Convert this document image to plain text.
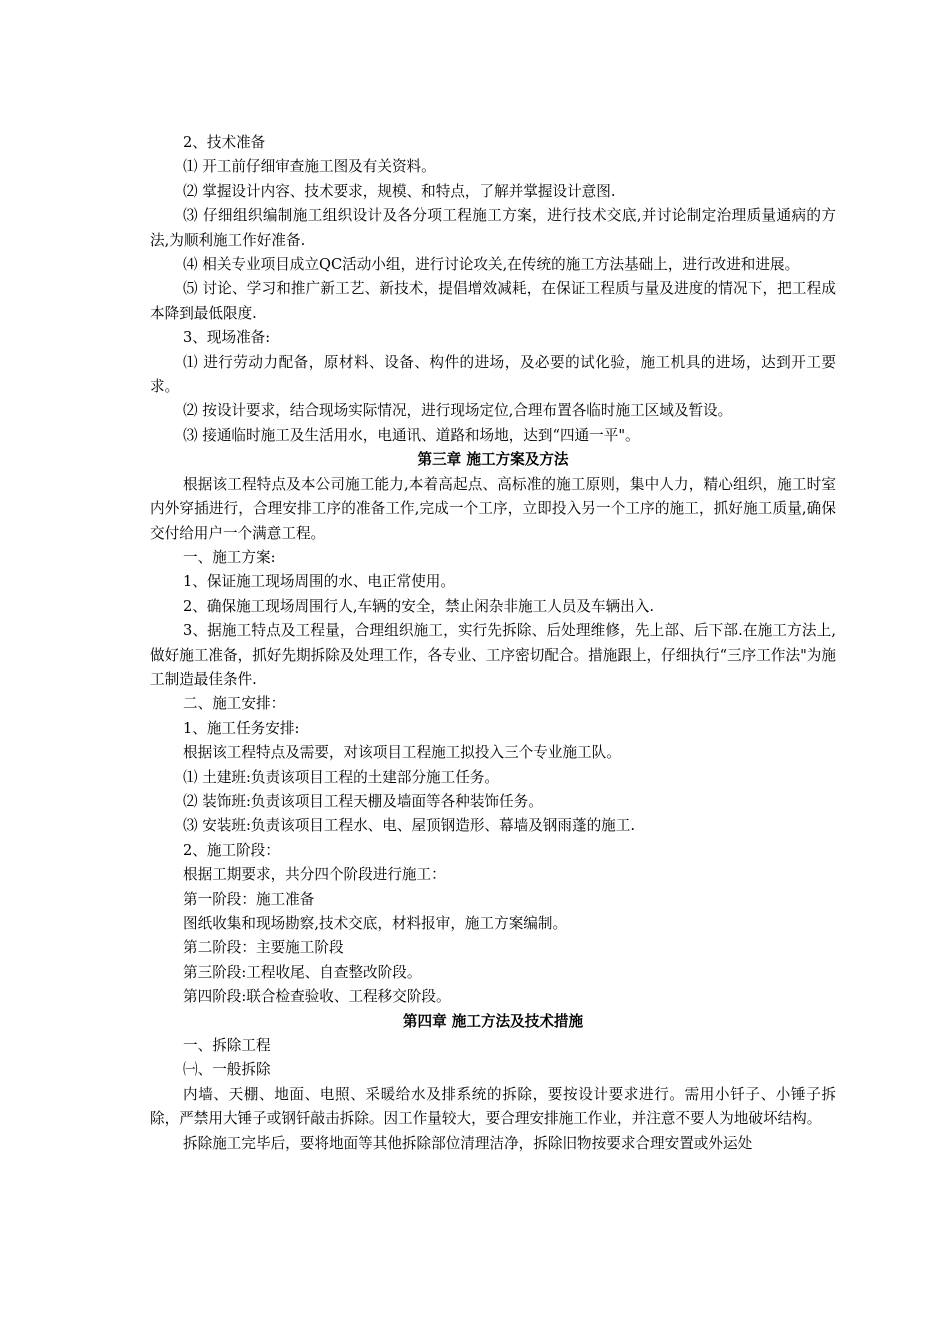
2、技术准备

⑴ 开工前仔细审查施工图及有关资料。

⑵ 掌握设计内容、技术要求，规模、和特点，了解并掌握设计意图.

⑶ 仔细组织编制施工组织设计及各分项工程施工方案，进行技术交底,并讨论制定治理质量通病的方法,为顺利施工作好准备.

⑷ 相关专业项目成立QC活动小组，进行讨论攻关,在传统的施工方法基础上，进行改进和进展。

⑸ 讨论、学习和推广新工艺、新技术，提倡增效减耗，在保证工程质与量及进度的情况下，把工程成本降到最低限度.

3、现场准备:

⑴ 进行劳动力配备，原材料、设备、构件的进场，及必要的试化验，施工机具的进场，达到开工要求。

⑵ 按设计要求，结合现场实际情况，进行现场定位,合理布置各临时施工区域及暂设。

⑶ 接通临时施工及生活用水，电通讯、道路和场地，达到“四通一平"。

第三章 施工方案及方法

根据该工程特点及本公司施工能力,本着高起点、高标准的施工原则，集中人力，精心组织，施工时室内外穿插进行，合理安排工序的准备工作,完成一个工序，立即投入另一个工序的施工，抓好施工质量,确保交付给用户一个满意工程。

一、施工方案:

1、保证施工现场周围的水、电正常使用。

2、确保施工现场周围行人,车辆的安全，禁止闲杂非施工人员及车辆出入.

3、据施工特点及工程量，合理组织施工，实行先拆除、后处理维修，先上部、后下部.在施工方法上,做好施工准备，抓好先期拆除及处理工作，各专业、工序密切配合。措施跟上，仔细执行“三序工作法"为施工制造最佳条件.

二、施工安排：

1、施工任务安排:

根据该工程特点及需要，对该项目工程施工拟投入三个专业施工队。

⑴ 土建班:负责该项目工程的土建部分施工任务。

⑵ 装饰班:负责该项目工程天棚及墙面等各种装饰任务。

⑶ 安装班:负责该项目工程水、电、屋顶钢造形、幕墙及钢雨蓬的施工.

2、施工阶段：

根据工期要求，共分四个阶段进行施工：

第一阶段：施工准备

图纸收集和现场勘察,技术交底，材料报审，施工方案编制。

第二阶段：主要施工阶段

第三阶段:工程收尾、自查整改阶段。

第四阶段:联合检查验收、工程移交阶段。

第四章 施工方法及技术措施

一、拆除工程

㈠、一般拆除

内墙、天棚、地面、电照、采暖给水及排系统的拆除，要按设计要求进行。需用小钎子、小锤子拆除，严禁用大锤子或钢钎敲击拆除。因工作量较大，要合理安排施工作业，并注意不要人为地破坏结构。

拆除施工完毕后，要将地面等其他拆除部位清理洁净，拆除旧物按要求合理安置或外运处
